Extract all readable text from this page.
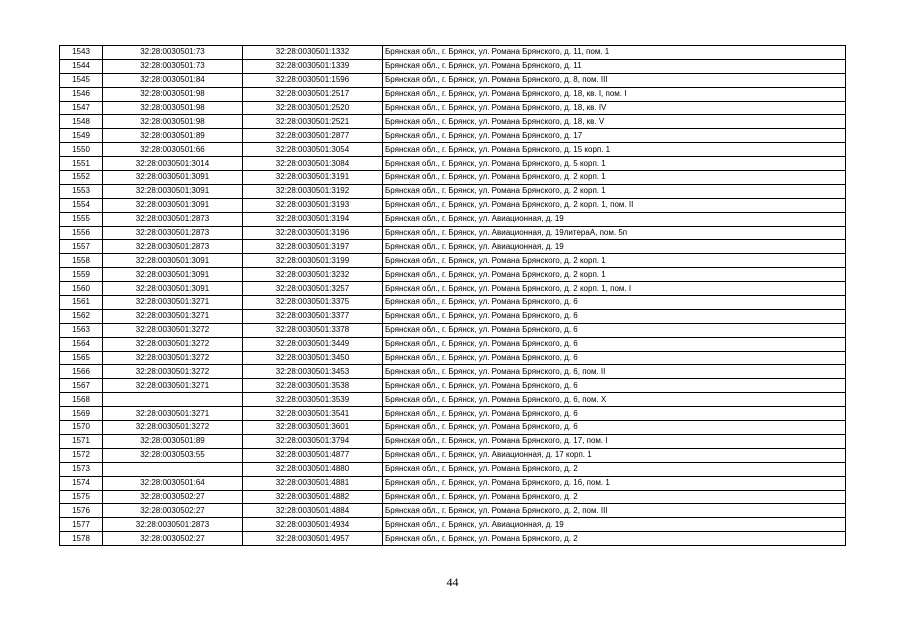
1543	32:28:0030501:73	32:28:0030501:1332	Брянская обл., г. Брянск, ул. Романа Брянского, д. 11, пом. 1
1544	32:28:0030501:73	32:28:0030501:1339	Брянская обл., г. Брянск, ул. Романа Брянского, д. 11
1545	32:28:0030501:84	32:28:0030501:1596	Брянская обл., г. Брянск, ул. Романа Брянского, д. 8, пом. III
1546	32:28:0030501:98	32:28:0030501:2517	Брянская обл., г. Брянск, ул. Романа Брянского, д. 18, кв. I, пом. I
1547	32:28:0030501:98	32:28:0030501:2520	Брянская обл., г. Брянск, ул. Романа Брянского, д. 18, кв. IV
1548	32:28:0030501:98	32:28:0030501:2521	Брянская обл., г. Брянск, ул. Романа Брянского, д. 18, кв. V
1549	32:28:0030501:89	32:28:0030501:2877	Брянская обл., г. Брянск, ул. Романа Брянского, д. 17
1550	32:28:0030501:66	32:28:0030501:3054	Брянская обл., г. Брянск, ул. Романа Брянского, д. 15 корп. 1
1551	32:28:0030501:3014	32:28:0030501:3084	Брянская обл., г. Брянск, ул. Романа Брянского, д. 5 корп. 1
1552	32:28:0030501:3091	32:28:0030501:3191	Брянская обл., г. Брянск, ул. Романа Брянского, д. 2 корп. 1
1553	32:28:0030501:3091	32:28:0030501:3192	Брянская обл., г. Брянск, ул. Романа Брянского, д. 2 корп. 1
1554	32:28:0030501:3091	32:28:0030501:3193	Брянская обл., г. Брянск, ул. Романа Брянского, д. 2 корп. 1, пом. II
1555	32:28:0030501:2873	32:28:0030501:3194	Брянская обл., г. Брянск, ул. Авиационная, д. 19
1556	32:28:0030501:2873	32:28:0030501:3196	Брянская обл., г. Брянск, ул. Авиационная, д. 19литераА, пом. 5п
1557	32:28:0030501:2873	32:28:0030501:3197	Брянская обл., г. Брянск, ул. Авиационная, д. 19
1558	32:28:0030501:3091	32:28:0030501:3199	Брянская обл., г. Брянск, ул. Романа Брянского, д. 2 корп. 1
1559	32:28:0030501:3091	32:28:0030501:3232	Брянская обл., г. Брянск, ул. Романа Брянского, д. 2 корп. 1
1560	32:28:0030501:3091	32:28:0030501:3257	Брянская обл., г. Брянск, ул. Романа Брянского, д. 2 корп. 1, пом. I
1561	32:28:0030501:3271	32:28:0030501:3375	Брянская обл., г. Брянск, ул. Романа Брянского, д. 6
1562	32:28:0030501:3271	32:28:0030501:3377	Брянская обл., г. Брянск, ул. Романа Брянского, д. 6
1563	32:28:0030501:3272	32:28:0030501:3378	Брянская обл., г. Брянск, ул. Романа Брянского, д. 6
1564	32:28:0030501:3272	32:28:0030501:3449	Брянская обл., г. Брянск, ул. Романа Брянского, д. 6
1565	32:28:0030501:3272	32:28:0030501:3450	Брянская обл., г. Брянск, ул. Романа Брянского, д. 6
1566	32:28:0030501:3272	32:28:0030501:3453	Брянская обл., г. Брянск, ул. Романа Брянского, д. 6, пом. II
1567	32:28:0030501:3271	32:28:0030501:3538	Брянская обл., г. Брянск, ул. Романа Брянского, д. 6
1568		32:28:0030501:3539	Брянская обл., г. Брянск, ул. Романа Брянского, д. 6, пом. X
1569	32:28:0030501:3271	32:28:0030501:3541	Брянская обл., г. Брянск, ул. Романа Брянского, д. 6
1570	32:28:0030501:3272	32:28:0030501:3601	Брянская обл., г. Брянск, ул. Романа Брянского, д. 6
1571	32:28:0030501:89	32:28:0030501:3794	Брянская обл., г. Брянск, ул. Романа Брянского, д. 17, пом. I
1572	32:28:0030503:55	32:28:0030501:4877	Брянская обл., г. Брянск, ул. Авиационная, д. 17 корп. 1
1573		32:28:0030501:4880	Брянская обл., г. Брянск, ул. Романа Брянского, д. 2
1574	32:28:0030501:64	32:28:0030501:4881	Брянская обл., г. Брянск, ул. Романа Брянского, д. 16, пом. 1
1575	32:28:0030502:27	32:28:0030501:4882	Брянская обл., г. Брянск, ул. Романа Брянского, д. 2
1576	32:28:0030502:27	32:28:0030501:4884	Брянская обл., г. Брянск, ул. Романа Брянского, д. 2, пом. III
1577	32:28:0030501:2873	32:28:0030501:4934	Брянская обл., г. Брянск, ул. Авиационная, д. 19
1578	32:28:0030502:27	32:28:0030501:4957	Брянская обл., г. Брянск, ул. Романа Брянского, д. 2
44
